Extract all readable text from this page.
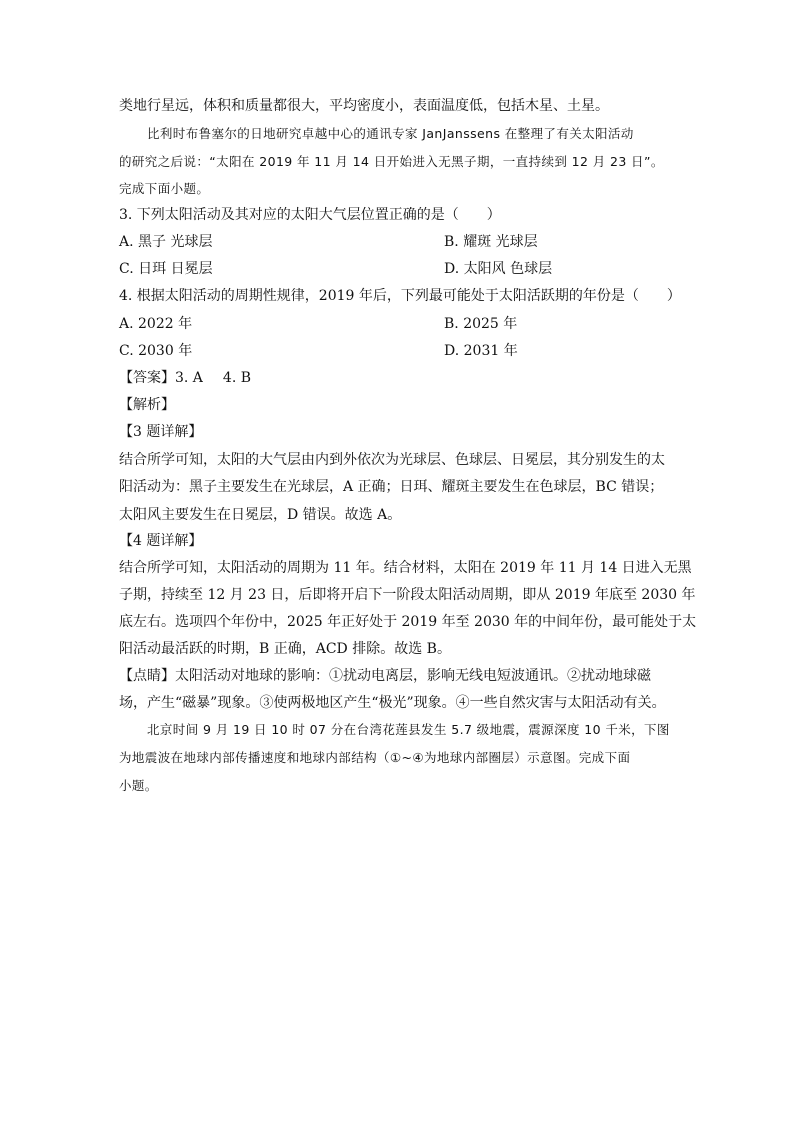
类地行星远，体积和质量都很大，平均密度小，表面温度低，包括木星、土星。
比利时布鲁塞尔的日地研究卓越中心的通讯专家 JanJanssens 在整理了有关太阳活动
的研究之后说：“太阳在 2019 年 11 月 14 日开始进入无黑子期，一直持续到 12 月 23 日”。
完成下面小题。
3. 下列太阳活动及其对应的太阳大气层位置正确的是（　　）
A. 黑子 光球层	B. 耀斑 光球层
C. 日珥 日冕层	D. 太阳风 色球层
4. 根据太阳活动的周期性规律，2019 年后，下列最可能处于太阳活跃期的年份是（　　）
A. 2022 年	B. 2025 年
C. 2030 年	D. 2031 年
【答案】3. A 4. B
【解析】
【3 题详解】
结合所学可知，太阳的大气层由内到外依次为光球层、色球层、日冕层，其分别发生的太
阳活动为：黑子主要发生在光球层，A 正确；日珥、耀斑主要发生在色球层，BC 错误；
太阳风主要发生在日冕层，D 错误。故选 A。
【4 题详解】
结合所学可知，太阳活动的周期为 11 年。结合材料，太阳在 2019 年 11 月 14 日进入无黑
子期，持续至 12 月 23 日，后即将开启下一阶段太阳活动周期，即从 2019 年底至 2030 年
底左右。选项四个年份中，2025 年正好处于 2019 年至 2030 年的中间年份，最可能处于太
阳活动最活跃的时期，B 正确，ACD 排除。故选 B。
【点睛】太阳活动对地球的影响：①扰动电离层，影响无线电短波通讯。②扰动地球磁
场，产生“磁暴”现象。③使两极地区产生“极光”现象。④一些自然灾害与太阳活动有关。
北京时间 9 月 19 日 10 时 07 分在台湾花莲县发生 5.7 级地震，震源深度 10 千米，下图
为地震波在地球内部传播速度和地球内部结构（①~④为地球内部圈层）示意图。完成下面
小题。
